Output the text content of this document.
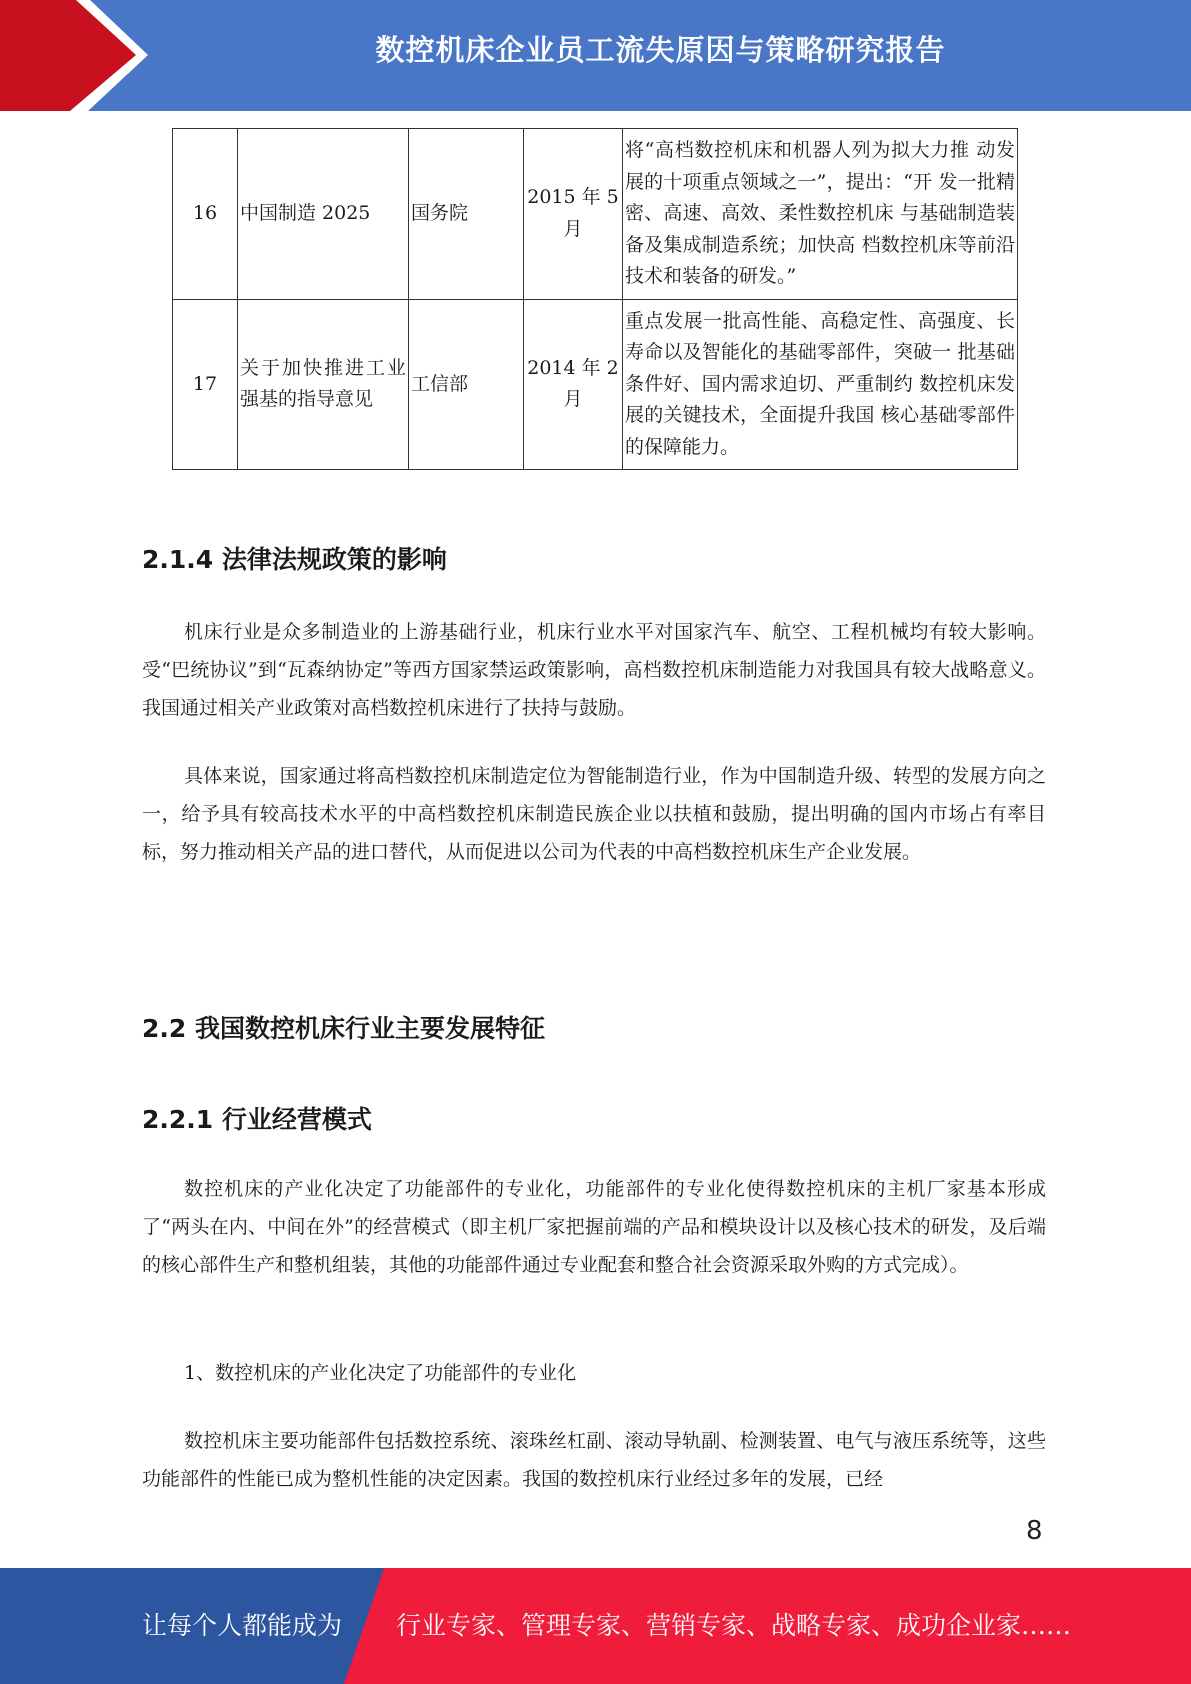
数控机床企业员工流失原因与策略研究报告
16	中国制造 2025	国务院	2015 年 5 月	将“高档数控机床和机器人列为拟大力推 动发展的十项重点领域之一”，提出：“开 发一批精密、高速、高效、柔性数控机床 与基础制造装备及集成制造系统；加快高 档数控机床等前沿技术和装备的研发。”
17	关于加快推进工业强基的指导意见	工信部	2014 年 2 月	重点发展一批高性能、高稳定性、高强度、长寿命以及智能化的基础零部件，突破一 批基础条件好、国内需求迫切、严重制约 数控机床发展的关键技术，全面提升我国 核心基础零部件的保障能力。
2.1.4 法律法规政策的影响

机床行业是众多制造业的上游基础行业，机床行业水平对国家汽车、航空、工程机械均有较大影响。受“巴统协议”到“瓦森纳协定”等西方国家禁运政策影响，高档数控机床制造能力对我国具有较大战略意义。我国通过相关产业政策对高档数控机床进行了扶持与鼓励。

具体来说，国家通过将高档数控机床制造定位为智能制造行业，作为中国制造升级、转型的发展方向之一，给予具有较高技术水平的中高档数控机床制造民族企业以扶植和鼓励，提出明确的国内市场占有率目标，努力推动相关产品的进口替代，从而促进以公司为代表的中高档数控机床生产企业发展。

2.2 我国数控机床行业主要发展特征
2.2.1 行业经营模式

数控机床的产业化决定了功能部件的专业化，功能部件的专业化使得数控机床的主机厂家基本形成了“两头在内、中间在外”的经营模式（即主机厂家把握前端的产品和模块设计以及核心技术的研发，及后端的核心部件生产和整机组装，其他的功能部件通过专业配套和整合社会资源采取外购的方式完成）。

1、数控机床的产业化决定了功能部件的专业化

数控机床主要功能部件包括数控系统、滚珠丝杠副、滚动导轨副、检测装置、电气与液压系统等，这些功能部件的性能已成为整机性能的决定因素。我国的数控机床行业经过多年的发展，已经

8
让每个人都能成为 行业专家、管理专家、营销专家、战略专家、成功企业家……
